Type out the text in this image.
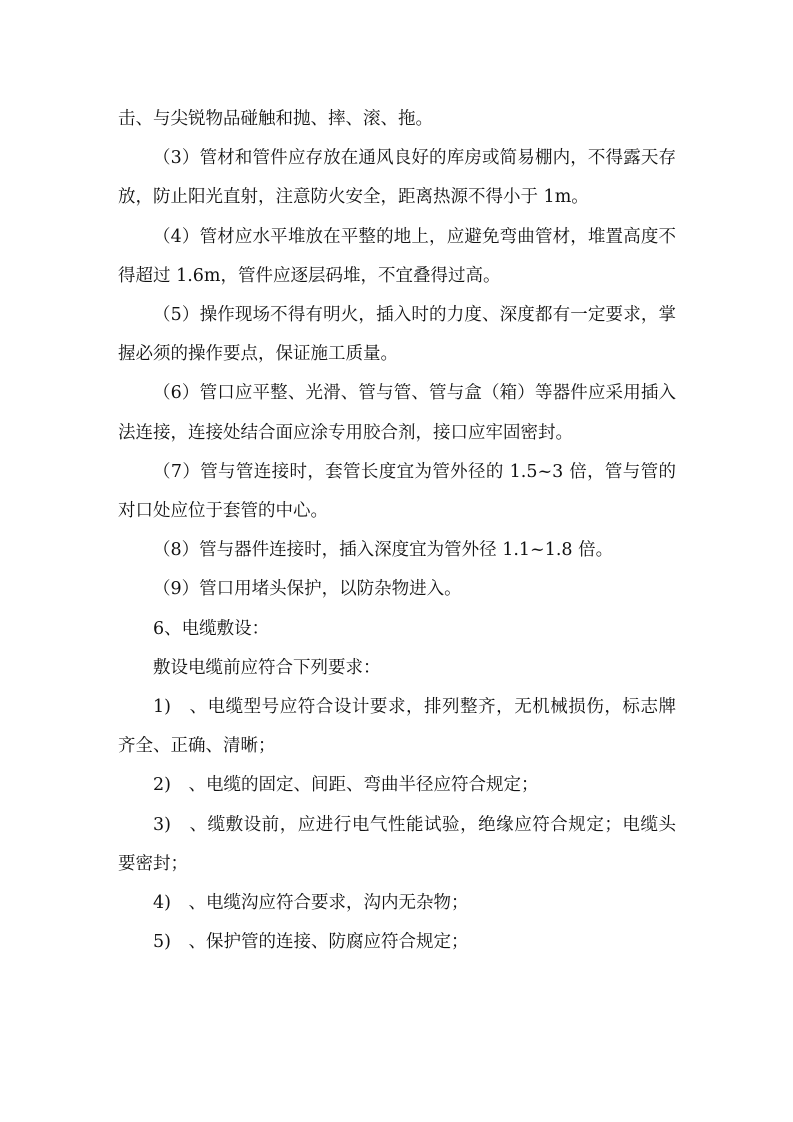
击、与尖锐物品碰触和抛、摔、滚、拖。

（3）管材和管件应存放在通风良好的库房或简易棚内，不得露天存放，防止阳光直射，注意防火安全，距离热源不得小于 1m。

（4）管材应水平堆放在平整的地上，应避免弯曲管材，堆置高度不得超过 1.6m，管件应逐层码堆，不宜叠得过高。

（5）操作现场不得有明火，插入时的力度、深度都有一定要求，掌握必须的操作要点，保证施工质量。

（6）管口应平整、光滑、管与管、管与盒（箱）等器件应采用插入法连接，连接处结合面应涂专用胶合剂，接口应牢固密封。

（7）管与管连接时，套管长度宜为管外径的 1.5~3 倍，管与管的对口处应位于套管的中心。

（8）管与器件连接时，插入深度宜为管外径 1.1~1.8 倍。

（9）管口用堵头保护，以防杂物进入。

6、电缆敷设：

敷设电缆前应符合下列要求：

1)　、电缆型号应符合设计要求，排列整齐，无机械损伤，标志牌齐全、正确、清晰；

2)　、电缆的固定、间距、弯曲半径应符合规定；

3)　、缆敷设前，应进行电气性能试验，绝缘应符合规定；电缆头要密封；

4)　、电缆沟应符合要求，沟内无杂物；

5)　、保护管的连接、防腐应符合规定；
